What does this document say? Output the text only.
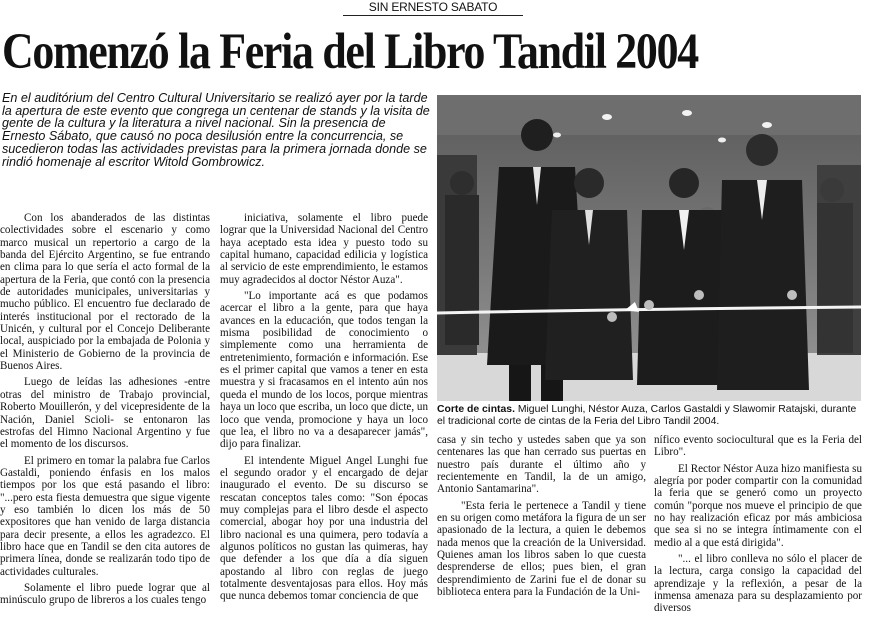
SIN ERNESTO SABATO
Comenzó la Feria del Libro Tandil 2004

En el auditórium del Centro Cultural Universitario se realizó ayer por la tarde la apertura de este evento que congrega un centenar de stands y la visita de gente de la cultura y la literatura a nivel nacional. Sin la presencia de Ernesto Sábato, que causó no poca desilusión entre la concurrencia, se sucedieron todas las actividades previstas para la primera jornada donde se rindió homenaje al escritor Witold Gombrowicz.

Con los abanderados de las distintas colectividades sobre el escenario y como marco musical un repertorio a cargo de la banda del Ejército Argentino, se fue entrando en clima para lo que sería el acto formal de la apertura de la Feria, que contó con la presencia de autoridades municipales, universitarias y mucho público. El encuentro fue declarado de interés institucional por el rectorado de la Unicén, y cultural por el Concejo Deliberante local, auspiciado por la embajada de Polonia y el Ministerio de Gobierno de la provincia de Buenos Aires.

Luego de leídas las adhesiones -entre otras del ministro de Trabajo provincial, Roberto Mouillerón, y del vicepresidente de la Nación, Daniel Scioli- se entonaron las estrofas del Himno Nacional Argentino y fue el momento de los discursos.

El primero en tomar la palabra fue Carlos Gastaldi, poniendo énfasis en los malos tiempos por los que está pasando el libro: "...pero esta fiesta demuestra que sigue vigente y eso también lo dicen los más de 50 expositores que han venido de larga distancia para decir presente, a ellos les agradezco. El libro hace que en Tandil se den cita autores de primera línea, donde se realizarán todo tipo de actividades culturales.

Solamente el libro puede lograr que al minúsculo grupo de libreros a los cuales tengo

iniciativa, solamente el libro puede lograr que la Universidad Nacional del Centro haya aceptado esta idea y puesto todo su capital humano, capacidad edilicia y logística al servicio de este emprendimiento, le estamos muy agradecidos al doctor Néstor Auza".

"Lo importante acá es que podamos acercar el libro a la gente, para que haya avances en la educación, que todos tengan la misma posibilidad de conocimiento o simplemente como una herramienta de entretenimiento, formación e información. Ese es el primer capital que vamos a tener en esta muestra y si fracasamos en el intento aún nos queda el mundo de los locos, porque mientras haya un loco que escriba, un loco que dicte, un loco que venda, promocione y haya un loco que lea, el libro no va a desaparecer jamás", dijo para finalizar.

El intendente Miguel Angel Lunghi fue el segundo orador y el encargado de dejar inaugurado el evento. De su discurso se rescatan conceptos tales como: "Son épocas muy complejas para el libro desde el aspecto comercial, abogar hoy por una industria del libro nacional es una quimera, pero todavía a algunos políticos no gustan las quimeras, hay que defender a los que día a día siguen apostando al libro con reglas de juego totalmente desventajosas para ellos. Hoy más que nunca debemos tomar conciencia de que

Corte de cintas. Miguel Lunghi, Néstor Auza, Carlos Gastaldi y Slawomir Ratajski, durante el tradicional corte de cintas de la Feria del Libro Tandil 2004.

casa y sin techo y ustedes saben que ya son centenares las que han cerrado sus puertas en nuestro país durante el último año y recientemente en Tandil, la de un amigo, Antonio Santamarina".

"Esta feria le pertenece a Tandil y tiene en su origen como metáfora la figura de un ser apasionado de la lectura, a quien le debemos nada menos que la creación de la Universidad. Quienes aman los libros saben lo que cuesta desprenderse de ellos; pues bien, el gran desprendimiento de Zarini fue el de donar su biblioteca entera para la Fundación de la Uni-

nífico evento sociocultural que es la Feria del Libro".

El Rector Néstor Auza hizo manifiesta su alegría por poder compartir con la comunidad la feria que se generó como un proyecto común "porque nos mueve el principio de que no hay realización eficaz por más ambiciosa que sea si no se integra íntimamente con el medio al a que está dirigida".

"... el libro conlleva no sólo el placer de la lectura, carga consigo la capacidad del aprendizaje y la reflexión, a pesar de la inmensa amenaza para su desplazamiento por diversos
